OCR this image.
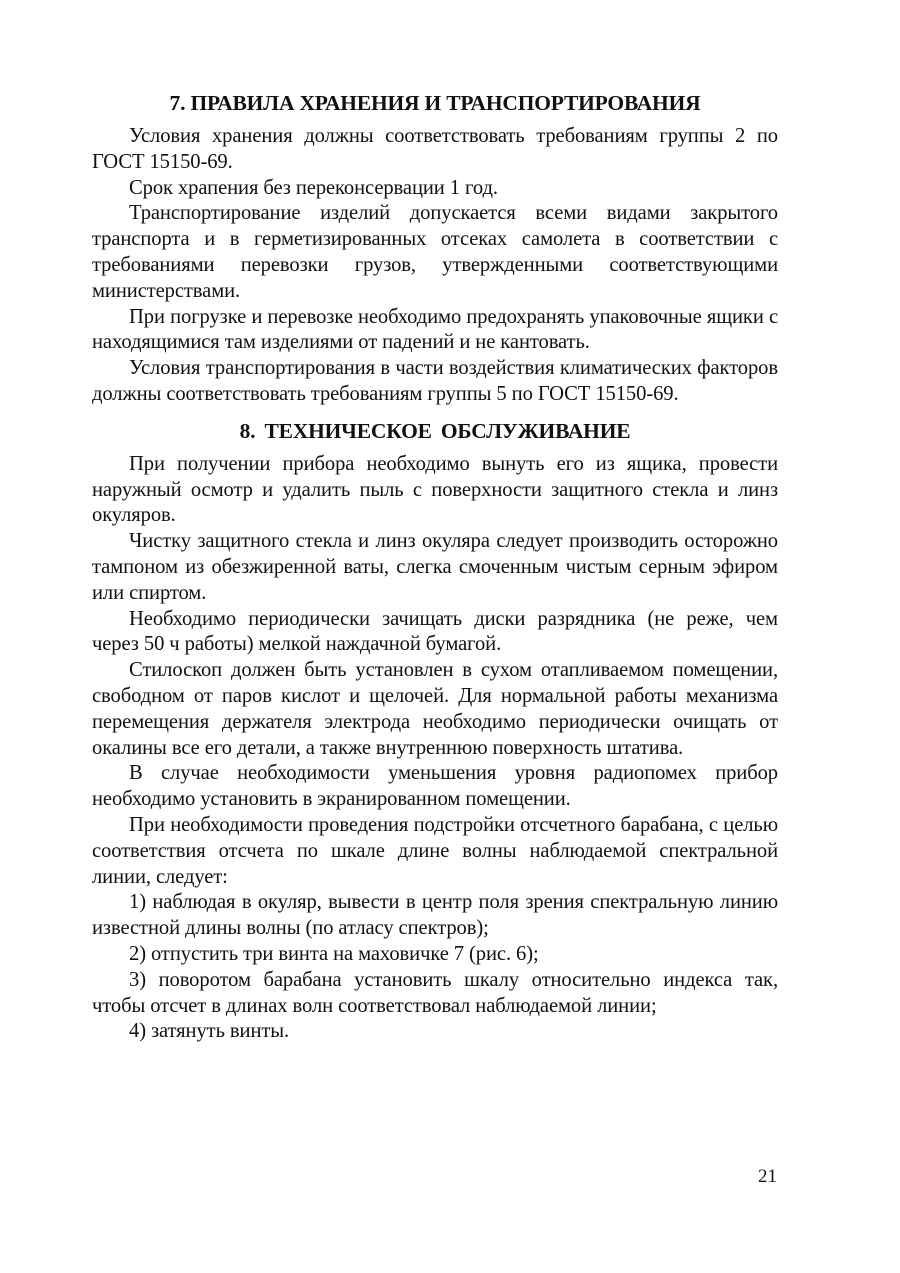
7. ПРАВИЛА ХРАНЕНИЯ И ТРАНСПОРТИРОВАНИЯ

Условия хранения должны соответствовать требованиям группы 2 по ГОСТ 15150-69.

Срок храпения без переконсервации 1 год.

Транспортирование изделий допускается всеми видами закрытого транспорта и в герметизированных отсеках самолета в соответствии с требованиями перевозки грузов, утвержденными соответствующими министерствами.

При погрузке и перевозке необходимо предохранять упаковочные ящики с находящимися там изделиями от падений и не кантовать.

Условия транспортирования в части воздействия климатических факторов должны соответствовать требованиям группы 5 по ГОСТ 15150-69.

8. ТЕХНИЧЕСКОЕ ОБСЛУЖИВАНИЕ

При получении прибора необходимо вынуть его из ящика, провести наружный осмотр и удалить пыль с поверхности защитного стекла и линз окуляров.

Чистку защитного стекла и линз окуляра следует производить осторожно тампоном из обезжиренной ваты, слегка смоченным чистым серным эфиром или спиртом.

Необходимо периодически зачищать диски разрядника (не реже, чем через 50 ч работы) мелкой наждачной бумагой.

Стилоскоп должен быть установлен в сухом отапливаемом помещении, свободном от паров кислот и щелочей. Для нормальной работы механизма перемещения держателя электрода необходимо периодически очищать от окалины все его детали, а также внутреннюю поверхность штатива.

В случае необходимости уменьшения уровня радиопомех прибор необходимо установить в экранированном помещении.

При необходимости проведения подстройки отсчетного барабана, с целью соответствия отсчета по шкале длине волны наблюдаемой спектральной линии, следует:

1) наблюдая в окуляр, вывести в центр поля зрения спектральную линию известной длины волны (по атласу спектров);

2) отпустить три винта на маховичке 7 (рис. 6);

3) поворотом барабана установить шкалу относительно индекса так, чтобы отсчет в длинах волн соответствовал наблюдаемой линии;

4) затянуть винты.

21
